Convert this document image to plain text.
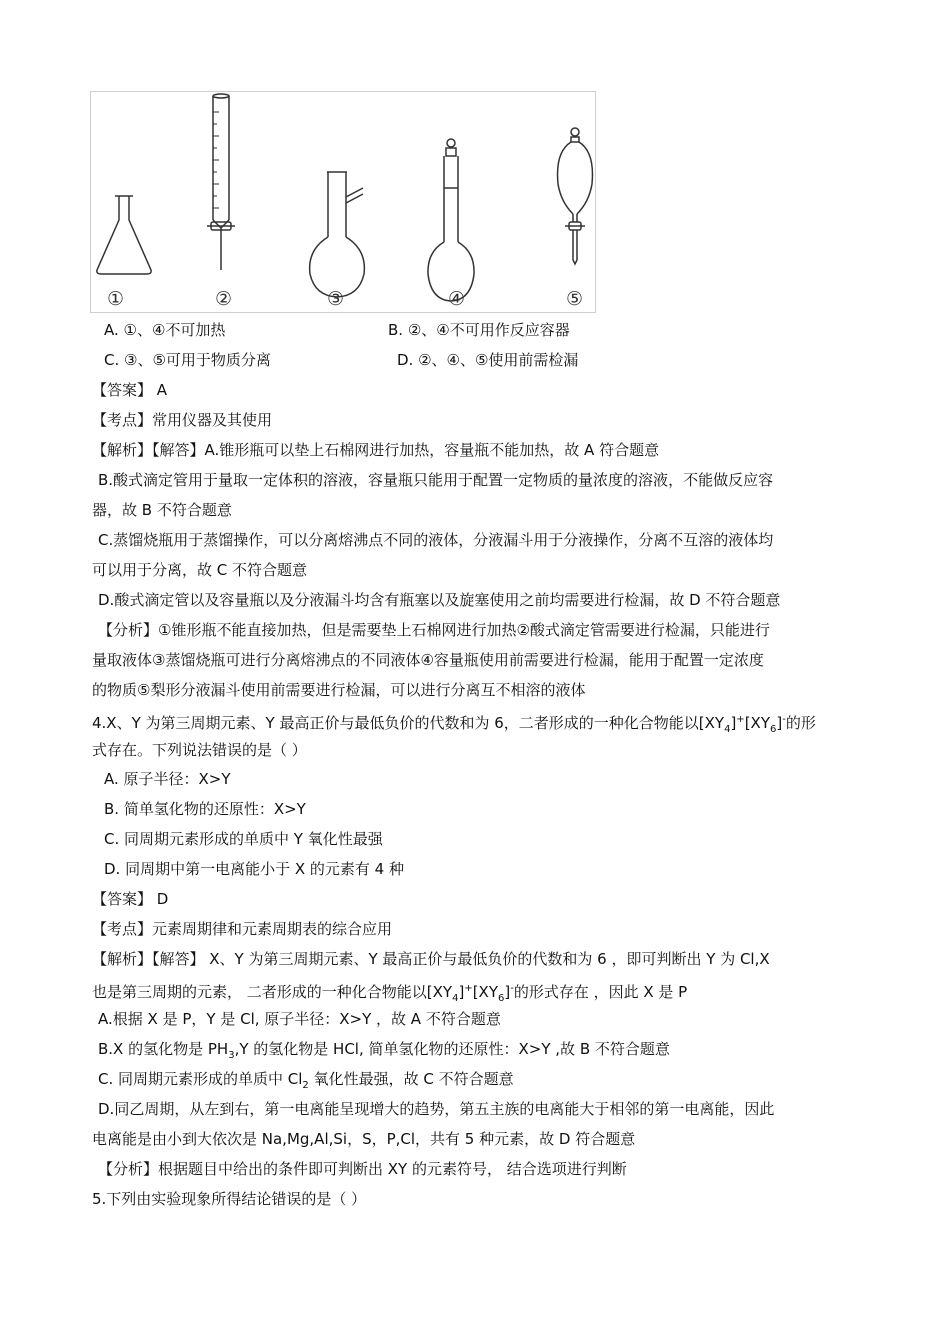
①	②	③	④	⑤
A. ①、④不可加热	B. ②、④不可用作反应容器
C. ③、⑤可用于物质分离	D. ②、④、⑤使用前需检漏
【答案】 A
【考点】常用仪器及其使用
【解析】【解答】A.锥形瓶可以垫上石棉网进行加热，容量瓶不能加热，故 A 符合题意
B.酸式滴定管用于量取一定体积的溶液，容量瓶只能用于配置一定物质的量浓度的溶液，不能做反应容
器，故 B 不符合题意
C.蒸馏烧瓶用于蒸馏操作，可以分离熔沸点不同的液体，分液漏斗用于分液操作，分离不互溶的液体均
可以用于分离，故 C 不符合题意
D.酸式滴定管以及容量瓶以及分液漏斗均含有瓶塞以及旋塞使用之前均需要进行检漏，故 D 不符合题意
【分析】①锥形瓶不能直接加热，但是需要垫上石棉网进行加热②酸式滴定管需要进行检漏，只能进行
量取液体③蒸馏烧瓶可进行分离熔沸点的不同液体④容量瓶使用前需要进行检漏，能用于配置一定浓度
的物质⑤梨形分液漏斗使用前需要进行检漏，可以进行分离互不相溶的液体
4.X、Y 为第三周期元素、Y 最高正价与最低负价的代数和为 6，二者形成的一种化合物能以$[XY_4]^+[XY_6]^-$的形
式存在。下列说法错误的是（ ）
A. 原子半径：X>Y
B. 简单氢化物的还原性：X>Y
C. 同周期元素形成的单质中 Y 氧化性最强
D. 同周期中第一电离能小于 X 的元素有 4 种
【答案】 D
【考点】元素周期律和元素周期表的综合应用
【解析】【解答】 X、Y 为第三周期元素、Y 最高正价与最低负价的代数和为 6 ，即可判断出 Y 为 Cl,X
也是第三周期的元素， 二者形成的一种化合物能以$[XY_4]^+[XY_6]^-$的形式存在 ，因此 X 是 P
A.根据 X 是 P，Y 是 Cl, 原子半径：X>Y ，故 A 不符合题意
B.X 的氢化物是 $PH_3,Y$ 的氢化物是 HCl, 简单氢化物的还原性：X>Y ,故 B 不符合题意
C. 同周期元素形成的单质中 $Cl_2$ 氧化性最强，故 C 不符合题意
D.同乙周期，从左到右，第一电离能呈现增大的趋势，第五主族的电离能大于相邻的第一电离能，因此
电离能是由小到大依次是 Na,Mg,Al,Si，S，P,Cl，共有 5 种元素，故 D 符合题意
【分析】根据题目中给出的条件即可判断出 XY 的元素符号， 结合选项进行判断
5.下列由实验现象所得结论错误的是（ ）
